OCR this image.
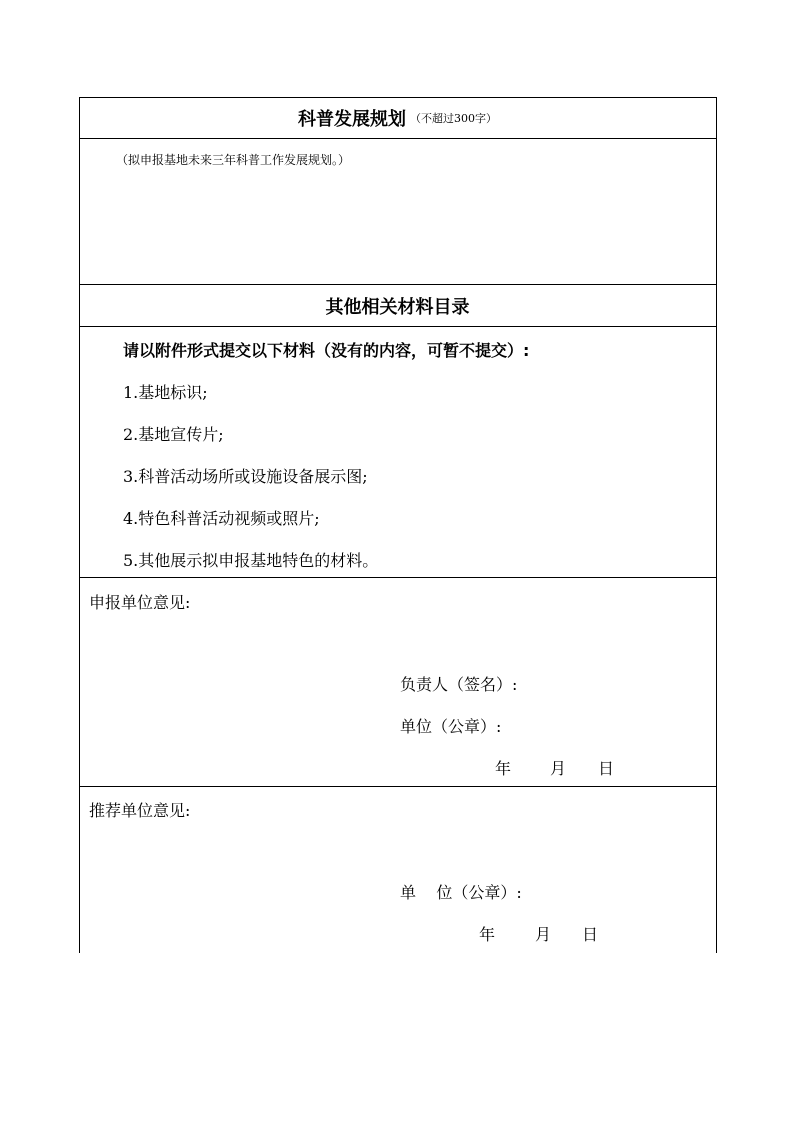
科普发展规划 （不超过300字）
（拟申报基地未来三年科普工作发展规划。）
其他相关材料目录
请以附件形式提交以下材料（没有的内容，可暂不提交）:
1.基地标识;
2.基地宣传片;
3.科普活动场所或设施设备展示图;
4.特色科普活动视频或照片;
5.其他展示拟申报基地特色的材料。
申报单位意见:
负责人（签名）:
单位（公章）:
年 月 日
推荐单位意见:
单    位（公章）:
年 月 日
